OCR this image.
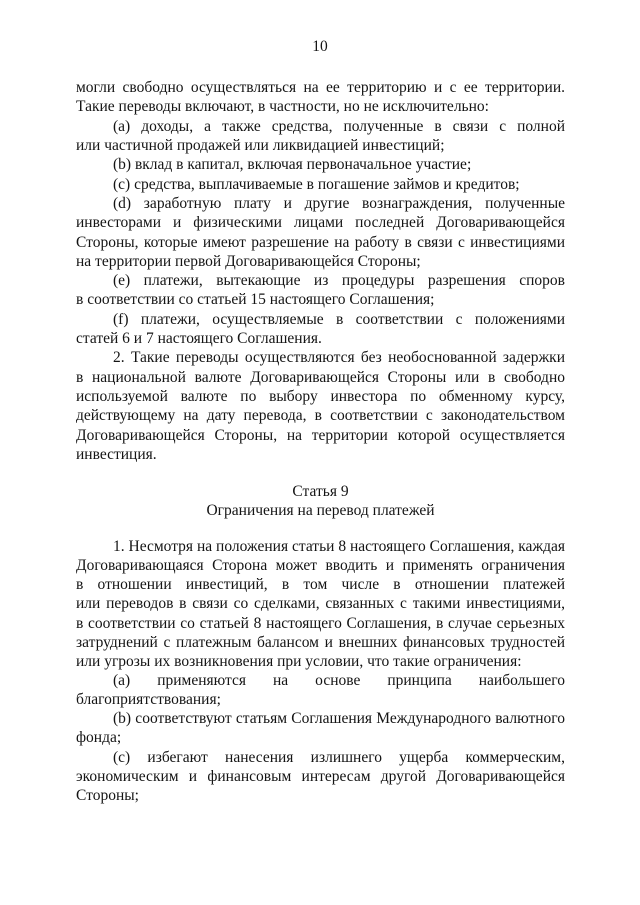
10
могли свободно осуществляться на ее территорию и с ее территории.
Такие переводы включают, в частности, но не исключительно:
(a) доходы, а также средства, полученные в связи с полной
или частичной продажей или ликвидацией инвестиций;
(b) вклад в капитал, включая первоначальное участие;
(c) средства, выплачиваемые в погашение займов и кредитов;
(d) заработную плату и другие вознаграждения, полученные
инвесторами и физическими лицами последней Договаривающейся
Стороны, которые имеют разрешение на работу в связи с инвестициями
на территории первой Договаривающейся Стороны;
(e) платежи, вытекающие из процедуры разрешения споров
в соответствии со статьей 15 настоящего Соглашения;
(f) платежи, осуществляемые в соответствии с положениями
статей 6 и 7 настоящего Соглашения.
2. Такие переводы осуществляются без необоснованной задержки
в национальной валюте Договаривающейся Стороны или в свободно
используемой валюте по выбору инвестора по обменному курсу,
действующему на дату перевода, в соответствии с законодательством
Договаривающейся Стороны, на территории которой осуществляется
инвестиция.
Статья 9
Ограничения на перевод платежей
1. Несмотря на положения статьи 8 настоящего Соглашения, каждая
Договаривающаяся Сторона может вводить и применять ограничения
в отношении инвестиций, в том числе в отношении платежей
или переводов в связи со сделками, связанных с такими инвестициями,
в соответствии со статьей 8 настоящего Соглашения, в случае серьезных
затруднений с платежным балансом и внешних финансовых трудностей
или угрозы их возникновения при условии, что такие ограничения:
(a) применяются на основе принципа наибольшего
благоприятствования;
(b) соответствуют статьям Соглашения Международного валютного
фонда;
(c) избегают нанесения излишнего ущерба коммерческим,
экономическим и финансовым интересам другой Договаривающейся
Стороны;
